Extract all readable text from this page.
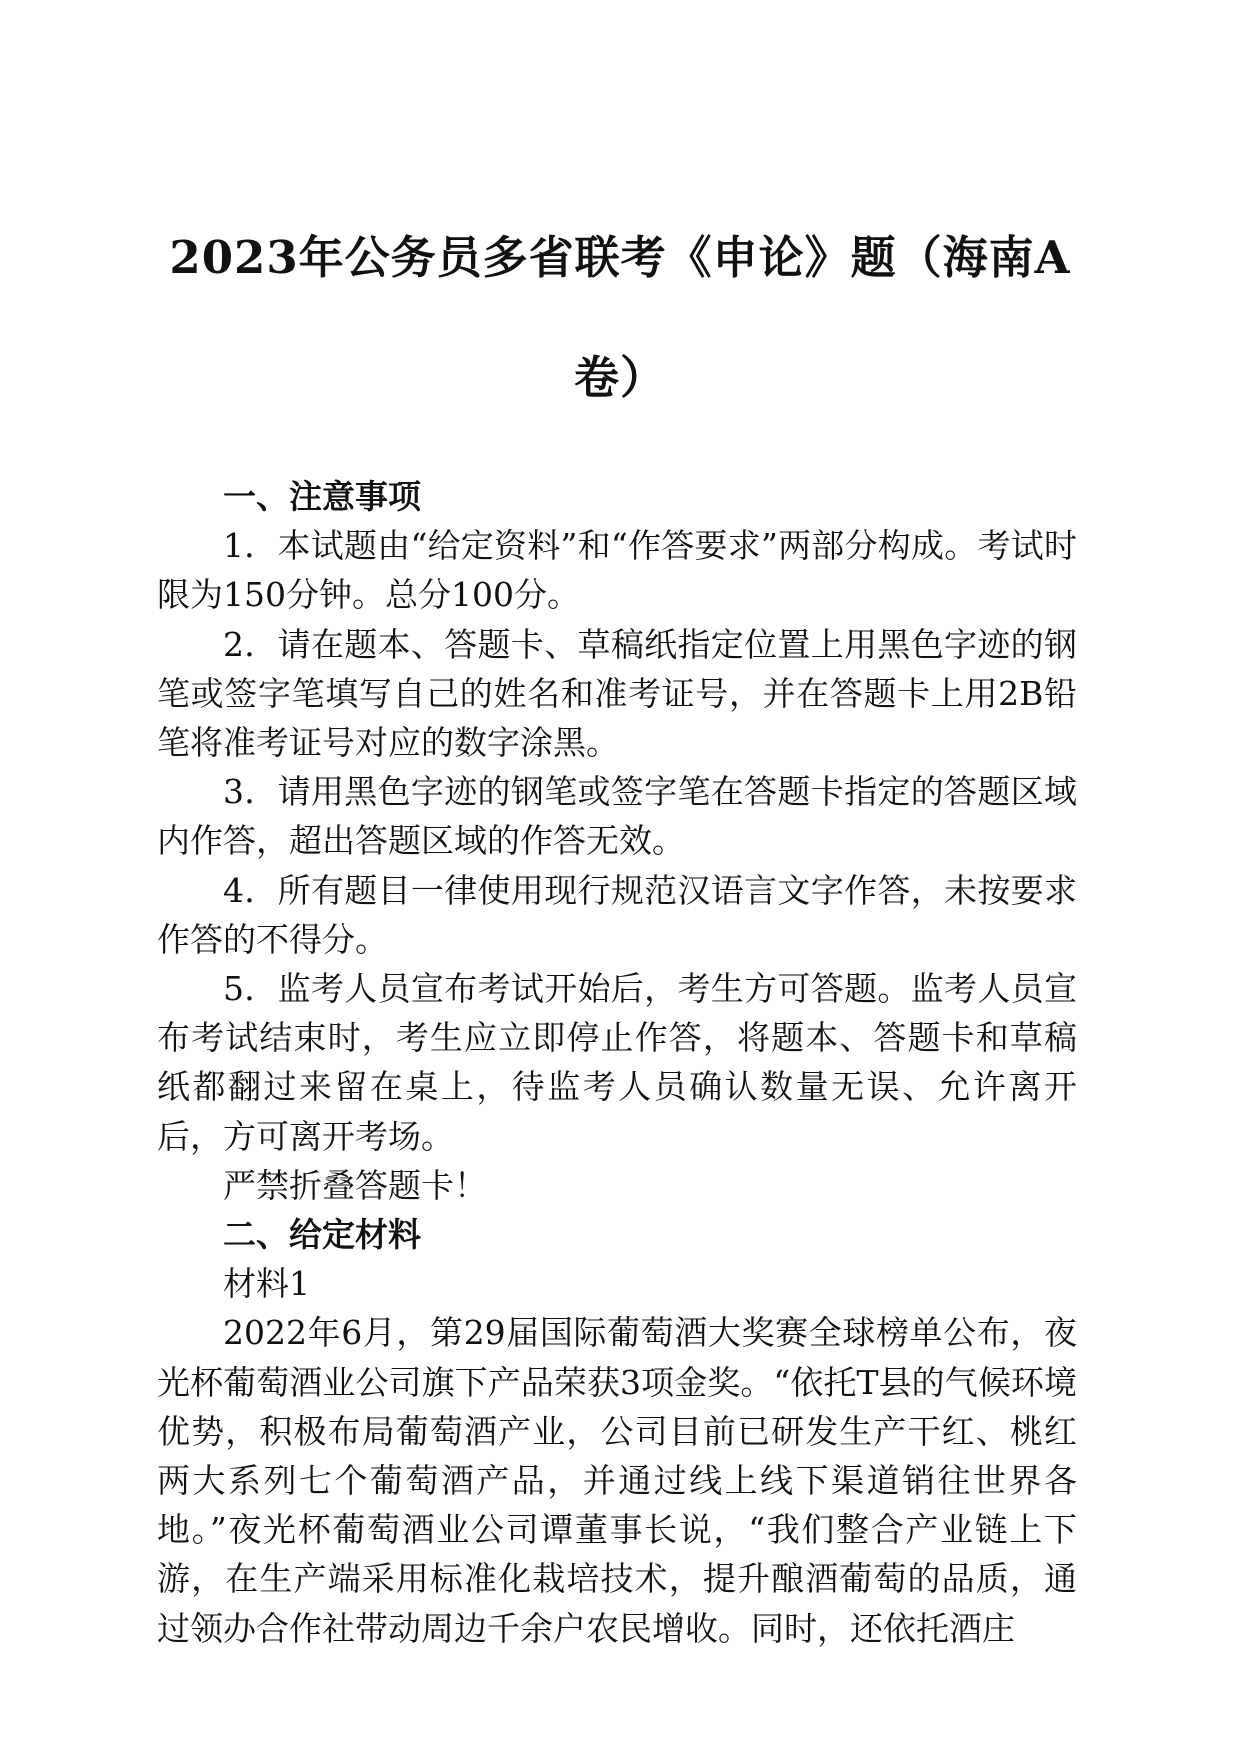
2023年公务员多省联考《申论》题（海南A
卷）

一、注意事项

1．本试题由“给定资料”和“作答要求”两部分构成。考试时限为150分钟。总分100分。

2．请在题本、答题卡、草稿纸指定位置上用黑色字迹的钢笔或签字笔填写自己的姓名和准考证号，并在答题卡上用2B铅笔将准考证号对应的数字涂黑。

3．请用黑色字迹的钢笔或签字笔在答题卡指定的答题区域内作答，超出答题区域的作答无效。

4．所有题目一律使用现行规范汉语言文字作答，未按要求作答的不得分。

5．监考人员宣布考试开始后，考生方可答题。监考人员宣布考试结束时，考生应立即停止作答，将题本、答题卡和草稿纸都翻过来留在桌上，待监考人员确认数量无误、允许离开后，方可离开考场。

严禁折叠答题卡！

二、给定材料

材料1

2022年6月，第29届国际葡萄酒大奖赛全球榜单公布，夜光杯葡萄酒业公司旗下产品荣获3项金奖。“依托T县的气候环境优势，积极布局葡萄酒产业，公司目前已研发生产干红、桃红两大系列七个葡萄酒产品，并通过线上线下渠道销往世界各地。”夜光杯葡萄酒业公司谭董事长说，“我们整合产业链上下游，在生产端采用标准化栽培技术，提升酿酒葡萄的品质，通过领办合作社带动周边千余户农民增收。同时，还依托酒庄
